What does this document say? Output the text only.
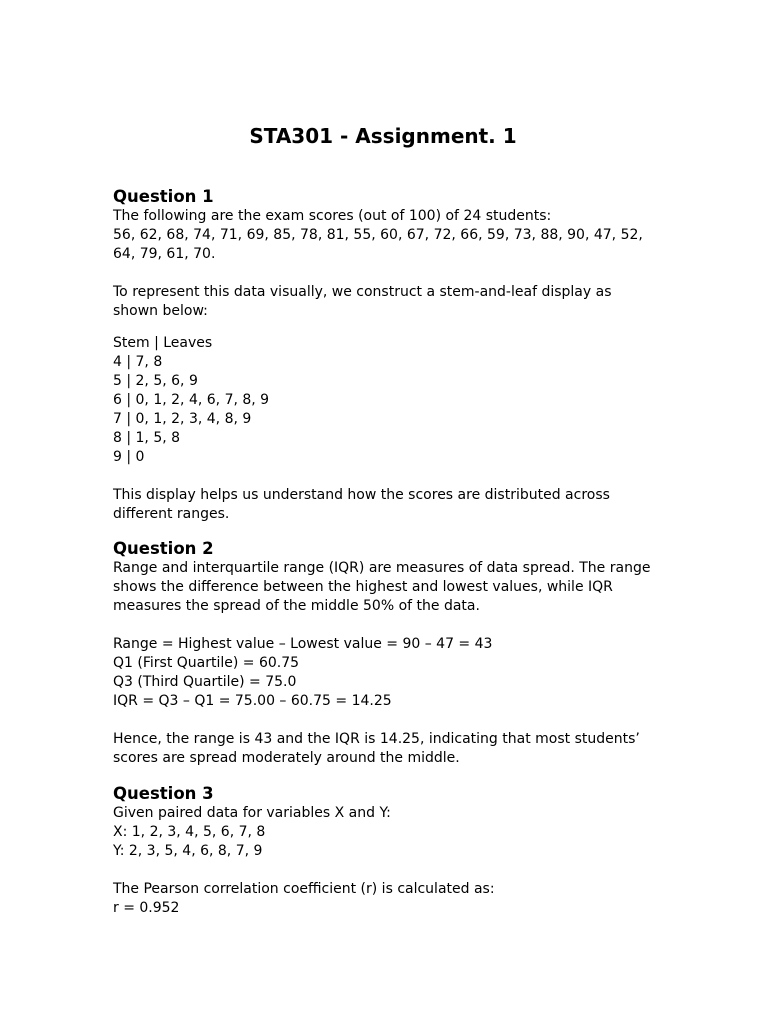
STA301 - Assignment. 1

Question 1

The following are the exam scores (out of 100) of 24 students:

56, 62, 68, 74, 71, 69, 85, 78, 81, 55, 60, 67, 72, 66, 59, 73, 88, 90, 47, 52,

64, 79, 61, 70.

To represent this data visually, we construct a stem-and-leaf display as

shown below:

Stem | Leaves

4 | 7, 8

5 | 2, 5, 6, 9

6 | 0, 1, 2, 4, 6, 7, 8, 9

7 | 0, 1, 2, 3, 4, 8, 9

8 | 1, 5, 8

9 | 0

This display helps us understand how the scores are distributed across

different ranges.

Question 2

Range and interquartile range (IQR) are measures of data spread. The range

shows the difference between the highest and lowest values, while IQR

measures the spread of the middle 50% of the data.

Range = Highest value – Lowest value = 90 – 47 = 43

Q1 (First Quartile) = 60.75

Q3 (Third Quartile) = 75.0

IQR = Q3 – Q1 = 75.00 – 60.75 = 14.25

Hence, the range is 43 and the IQR is 14.25, indicating that most students’

scores are spread moderately around the middle.

Question 3

Given paired data for variables X and Y:

X: 1, 2, 3, 4, 5, 6, 7, 8

Y: 2, 3, 5, 4, 6, 8, 7, 9

The Pearson correlation coefficient (r) is calculated as:

r = 0.952
